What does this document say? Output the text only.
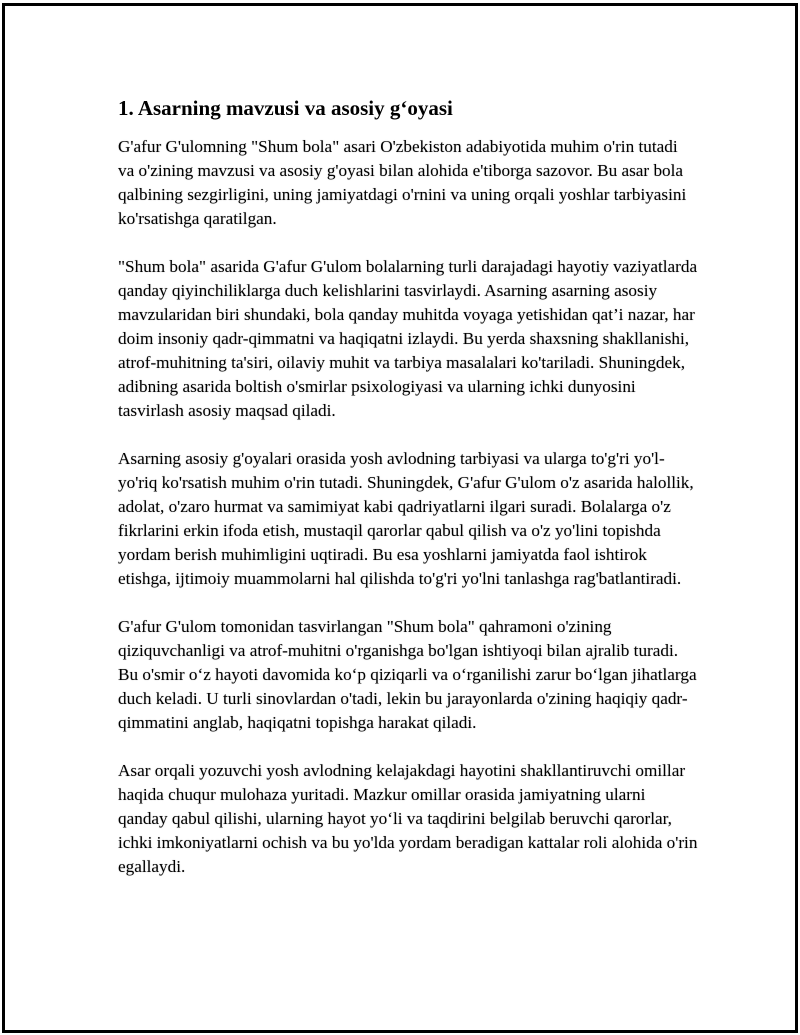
1. Asarning mavzusi va asosiy g‘oyasi

G'afur G'ulomning "Shum bola" asari O'zbekiston adabiyotida muhim o'rin tutadi va o'zining mavzusi va asosiy g'oyasi bilan alohida e'tiborga sazovor. Bu asar bola qalbining sezgirligini, uning jamiyatdagi o'rnini va uning orqali yoshlar tarbiyasini ko'rsatishga qaratilgan.

"Shum bola" asarida G'afur G'ulom bolalarning turli darajadagi hayotiy vaziyatlarda qanday qiyinchiliklarga duch kelishlarini tasvirlaydi. Asarning asarning asosiy mavzularidan biri shundaki, bola qanday muhitda voyaga yetishidan qat’i nazar, har doim insoniy qadr-qimmatni va haqiqatni izlaydi. Bu yerda shaxsning shakllanishi, atrof-muhitning ta'siri, oilaviy muhit va tarbiya masalalari ko'tariladi. Shuningdek, adibning asarida boltish o'smirlar psixologiyasi va ularning ichki dunyosini tasvirlash asosiy maqsad qiladi.

Asarning asosiy g'oyalari orasida yosh avlodning tarbiyasi va ularga to'g'ri yo'l-yo'riq ko'rsatish muhim o'rin tutadi. Shuningdek, G'afur G'ulom o'z asarida halollik, adolat, o'zaro hurmat va samimiyat kabi qadriyatlarni ilgari suradi. Bolalarga o'z fikrlarini erkin ifoda etish, mustaqil qarorlar qabul qilish va o'z yo'lini topishda yordam berish muhimligini uqtiradi. Bu esa yoshlarni jamiyatda faol ishtirok etishga, ijtimoiy muammolarni hal qilishda to'g'ri yo'lni tanlashga rag'batlantiradi.

G'afur G'ulom tomonidan tasvirlangan "Shum bola" qahramoni o'zining qiziquvchanligi va atrof-muhitni o'rganishga bo'lgan ishtiyoqi bilan ajralib turadi. Bu o'smir o‘z hayoti davomida ko‘p qiziqarli va o‘rganilishi zarur bo‘lgan jihatlarga duch keladi. U turli sinovlardan o'tadi, lekin bu jarayonlarda o'zining haqiqiy qadr-qimmatini anglab, haqiqatni topishga harakat qiladi.

Asar orqali yozuvchi yosh avlodning kelajakdagi hayotini shakllantiruvchi omillar haqida chuqur mulohaza yuritadi. Mazkur omillar orasida jamiyatning ularni qanday qabul qilishi, ularning hayot yo‘li va taqdirini belgilab beruvchi qarorlar, ichki imkoniyatlarni ochish va bu yo'lda yordam beradigan kattalar roli alohida o'rin egallaydi.
